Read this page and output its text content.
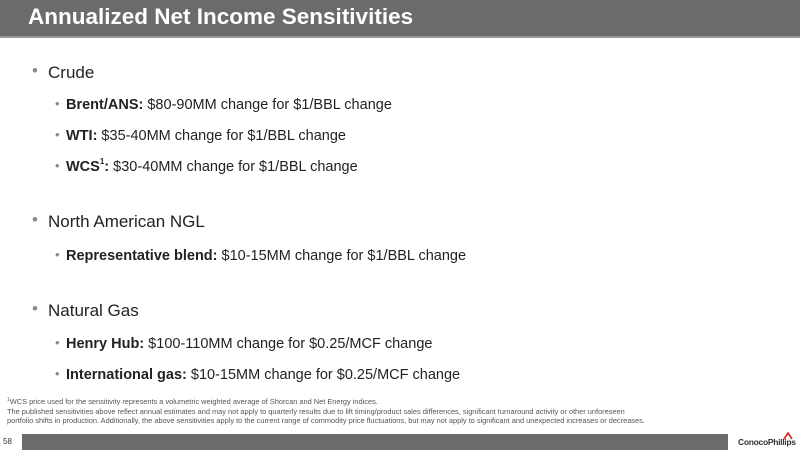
Annualized Net Income Sensitivities
• Crude
• Brent/ANS: $80-90MM change for $1/BBL change
• WTI: $35-40MM change for $1/BBL change
• WCS$^1$: $30-40MM change for $1/BBL change
• North American NGL
• Representative blend: $10-15MM change for $1/BBL change
• Natural Gas
• Henry Hub: $100-110MM change for $0.25/MCF change
• International gas: $10-15MM change for $0.25/MCF change
$^1$WCS price used for the sensitivity represents a volumetric weighted average of Shorcan and Net Energy indices.
The published sensitivities above reflect annual estimates and may not apply to quarterly results due to lift timing/product sales differences, significant turnaround activity or other unforeseen
portfolio shifts in production. Additionally, the above sensitivities apply to the current range of commodity price fluctuations, but may not apply to significant and unexpected increases or decreases.
58	ConocoPhillips
